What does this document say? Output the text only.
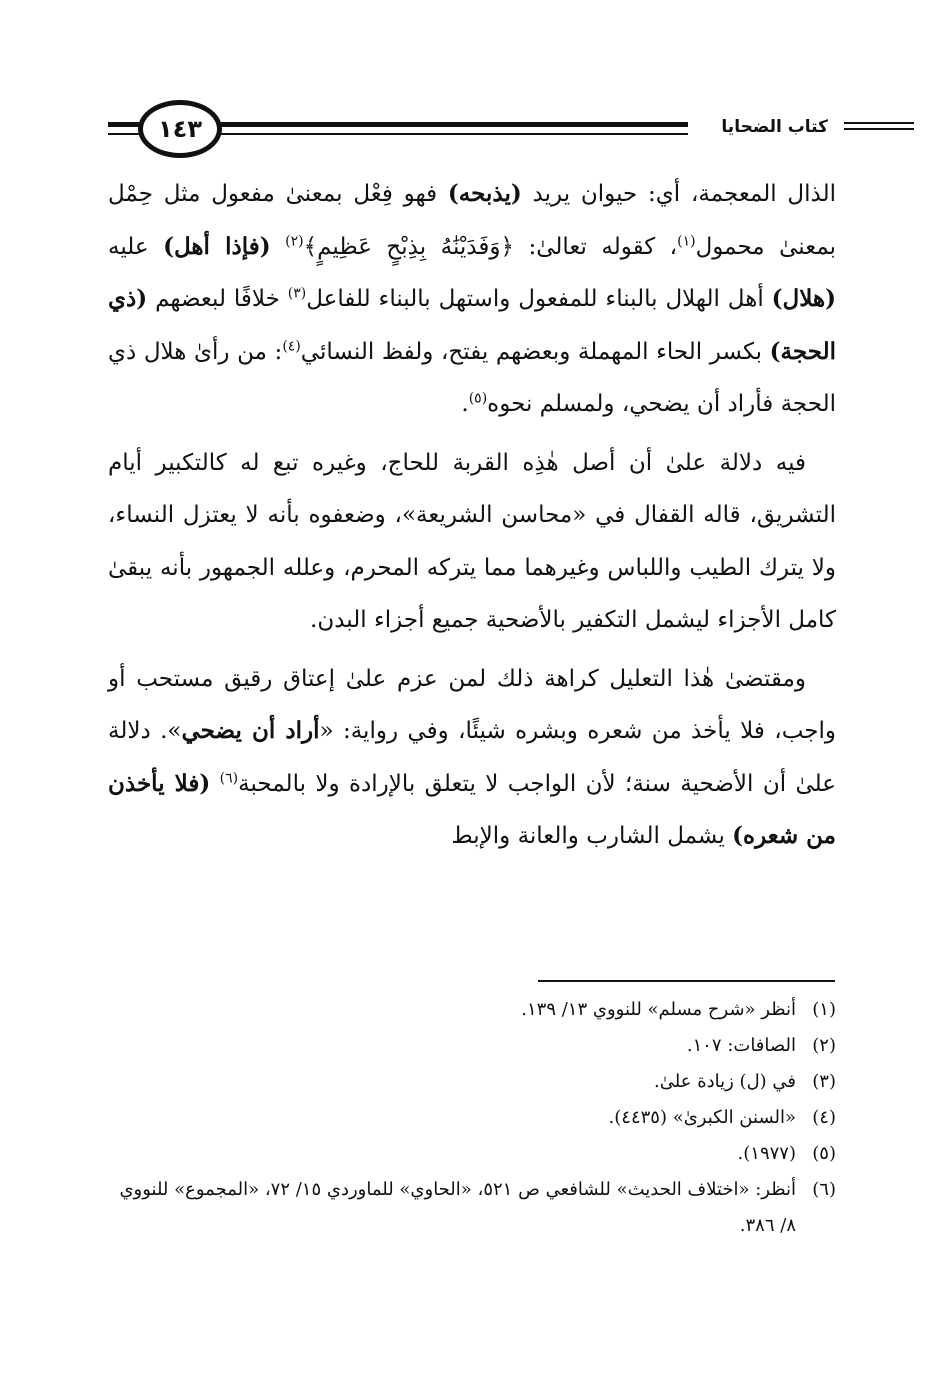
١٤٣	كتاب الضحايا

الذال المعجمة، أي: حيوان يريد (يذبحه) فهو فِعْل بمعنىٰ مفعول مثل حِمْل بمعنىٰ محمول$^{(١)}$، كقوله تعالىٰ: ﴿وَفَدَيْنَٰهُ بِذِبْحٍ عَظِيمٍ﴾$^{(٢)}$ (فإذا أهل) عليه (هلال) أهل الهلال بالبناء للمفعول واستهل بالبناء للفاعل$^{(٣)}$ خلافًا لبعضهم (ذي الحجة) بكسر الحاء المهملة وبعضهم يفتح، ولفظ النسائي$^{(٤)}$: من رأىٰ هلال ذي الحجة فأراد أن يضحي، ولمسلم نحوه$^{(٥)}$.

فيه دلالة علىٰ أن أصل هٰذِه القربة للحاج، وغيره تبع له كالتكبير أيام التشريق، قاله القفال في «محاسن الشريعة»، وضعفوه بأنه لا يعتزل النساء، ولا يترك الطيب واللباس وغيرهما مما يتركه المحرم، وعلله الجمهور بأنه يبقىٰ كامل الأجزاء ليشمل التكفير بالأضحية جميع أجزاء البدن.

ومقتضىٰ هٰذا التعليل كراهة ذلك لمن عزم علىٰ إعتاق رقيق مستحب أو واجب، فلا يأخذ من شعره وبشره شيئًا، وفي رواية: «أراد أن يضحي». دلالة علىٰ أن الأضحية سنة؛ لأن الواجب لا يتعلق بالإرادة ولا بالمحبة$^{(٦)}$ (فلا يأخذن من شعره) يشمل الشارب والعانة والإبط

(١)
أنظر «شرح مسلم» للنووي ١٣/ ١٣٩.
(٢)
الصافات: ١٠٧.
(٣)
في (ل) زيادة علىٰ.
(٤)
«السنن الكبرىٰ» (٤٤٣٥).
(٥)
(١٩٧٧).
(٦)
أنظر: «اختلاف الحديث» للشافعي ص ٥٢١، «الحاوي» للماوردي ١٥/ ٧٢، «المجموع» للنووي ٨/ ٣٨٦.
